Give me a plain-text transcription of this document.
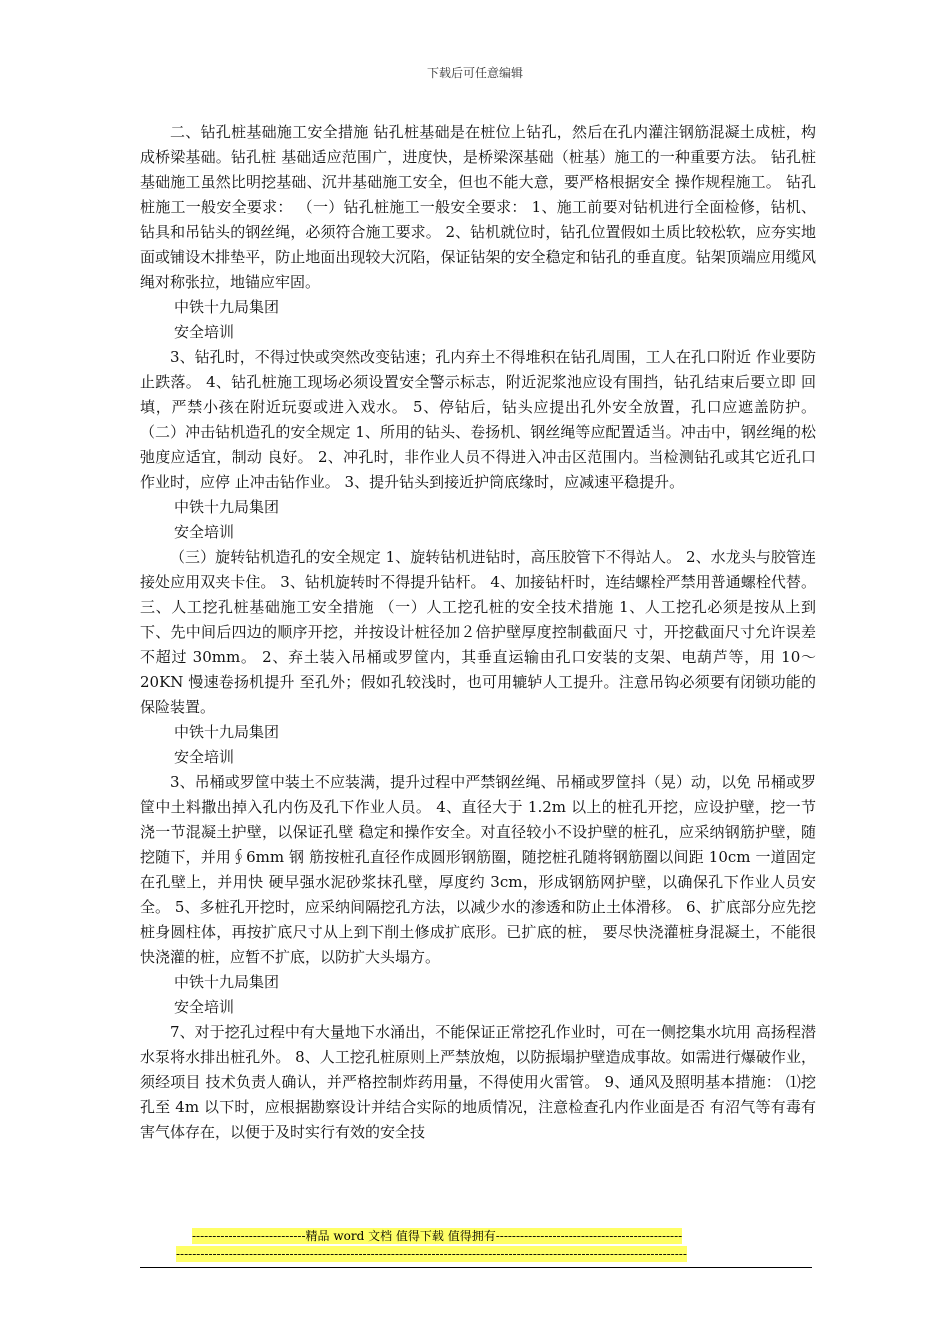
下载后可任意编辑

二、钻孔桩基础施工安全措施 钻孔桩基础是在桩位上钻孔，然后在孔内灌注钢筋混凝土成桩，构成桥梁基础。钻孔桩 基础适应范围广，进度快，是桥梁深基础（桩基）施工的一种重要方法。 钻孔桩基础施工虽然比明挖基础、沉井基础施工安全，但也不能大意，要严格根据安全 操作规程施工。 钻孔桩施工一般安全要求： （一）钻孔桩施工一般安全要求： 1、施工前要对钻机进行全面检修，钻机、钻具和吊钻头的钢丝绳，必须符合施工要求。 2、钻机就位时，钻孔位置假如土质比较松软，应夯实地面或铺设木排垫平，防止地面出现较大沉陷，保证钻架的安全稳定和钻孔的垂直度。钻架顶端应用缆风绳对称张拉，地锚应牢固。

中铁十九局集团

安全培训

3、钻孔时，不得过快或突然改变钻速；孔内弃土不得堆积在钻孔周围，工人在孔口附近 作业要防止跌落。 4、钻孔桩施工现场必须设置安全警示标志，附近泥浆池应设有围挡，钻孔结束后要立即 回填，严禁小孩在附近玩耍或进入戏水。 5、停钻后，钻头应提出孔外安全放置，孔口应遮盖防护。 （二）冲击钻机造孔的安全规定 1、所用的钻头、卷扬机、钢丝绳等应配置适当。冲击中，钢丝绳的松弛度应适宜，制动 良好。 2、冲孔时，非作业人员不得进入冲击区范围内。当检测钻孔或其它近孔口作业时，应停 止冲击钻作业。 3、提升钻头到接近护筒底缘时，应减速平稳提升。

中铁十九局集团

安全培训

（三）旋转钻机造孔的安全规定 1、旋转钻机进钻时，高压胶管下不得站人。 2、水龙头与胶管连接处应用双夹卡住。 3、钻机旋转时不得提升钻杆。 4、加接钻杆时，连结螺栓严禁用普通螺栓代替。 三、人工挖孔桩基础施工安全措施 （一）人工挖孔桩的安全技术措施 1、人工挖孔必须是按从上到下、先中间后四边的顺序开挖，并按设计桩径加２倍护壁厚度控制截面尺 寸，开挖截面尺寸允许误差不超过 30mm。 2、弃土装入吊桶或罗筐内，其垂直运输由孔口安装的支架、电葫芦等，用 10～20KN 慢速卷扬机提升 至孔外；假如孔较浅时，也可用辘轳人工提升。注意吊钩必须要有闭锁功能的保险装置。

中铁十九局集团

安全培训

3、吊桶或罗筐中装土不应装满，提升过程中严禁钢丝绳、吊桶或罗筐抖（晃）动，以免 吊桶或罗筐中土料撒出掉入孔内伤及孔下作业人员。 4、直径大于 1.2m 以上的桩孔开挖，应设护壁，挖一节浇一节混凝土护壁，以保证孔壁 稳定和操作安全。对直径较小不设护壁的桩孔，应采纳钢筋护壁，随挖随下，并用∮6mm 钢 筋按桩孔直径作成圆形钢筋圈，随挖桩孔随将钢筋圈以间距 10cm 一道固定在孔壁上，并用快 硬早强水泥砂浆抹孔壁，厚度约 3cm，形成钢筋网护壁，以确保孔下作业人员安全。 5、多桩孔开挖时，应采纳间隔挖孔方法，以减少水的渗透和防止土体滑移。 6、扩底部分应先挖桩身圆柱体，再按扩底尺寸从上到下削土修成扩底形。已扩底的桩， 要尽快浇灌桩身混凝土，不能很快浇灌的桩，应暂不扩底，以防扩大头塌方。

中铁十九局集团

安全培训

7、对于挖孔过程中有大量地下水涌出，不能保证正常挖孔作业时，可在一侧挖集水坑用 高扬程潜水泵将水排出桩孔外。 8、人工挖孔桩原则上严禁放炮，以防振塌护壁造成事故。如需进行爆破作业，须经项目 技术负责人确认，并严格控制炸药用量，不得使用火雷管。 9、通风及照明基本措施： ⑴挖孔至 4m 以下时，应根据勘察设计并结合实际的地质情况，注意检查孔内作业面是否 有沼气等有毒有害气体存在，以便于及时实行有效的安全技

----------------------------精品 word 文档 值得下载 值得拥有----------------------------------------------
------------------------------------------------------------------------------------------------------------------------------
